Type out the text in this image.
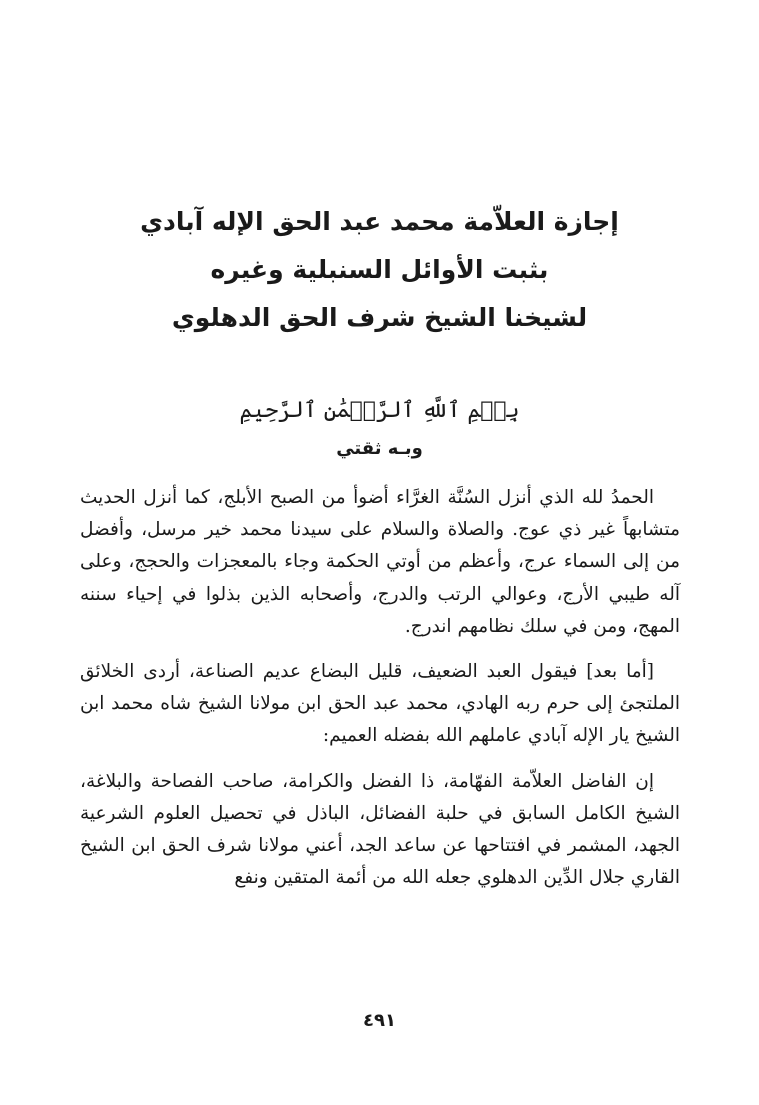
إجازة العلاّمة محمد عبد الحق الإله آبادي

بثبت الأوائل السنبلية وغيره

لشيخنا الشيخ شرف الحق الدهلوي

بِسۡمِ ٱللَّهِ ٱلرَّحۡمَٰنِ ٱلرَّحِيمِ
وبـه ثقتي

الحمدُ لله الذي أنزل السُنَّة الغرَّاء أضوأ من الصبح الأبلج، كما أنزل الحديث متشابهاً غير ذي عوج. والصلاة والسلام على سيدنا محمد خير مرسل، وأفضل من إلى السماء عرج، وأعظم من أوتي الحكمة وجاء بالمعجزات والحجج، وعلى آله طيبي الأرج، وعوالي الرتب والدرج، وأصحابه الذين بذلوا في إحياء سننه المهج، ومن في سلك نظامهم اندرج.

[أما بعد] فيقول العبد الضعيف، قليل البضاع عديم الصناعة، أردى الخلائق الملتجئ إلى حرم ربه الهادي، محمد عبد الحق ابن مولانا الشيخ شاه محمد ابن الشيخ يار الإله آبادي عاملهم الله بفضله العميم:

إن الفاضل العلاّمة الفهّامة، ذا الفضل والكرامة، صاحب الفصاحة والبلاغة، الشيخ الكامل السابق في حلبة الفضائل، الباذل في تحصيل العلوم الشرعية الجهد، المشمر في افتتاحها عن ساعد الجد، أعني مولانا شرف الحق ابن الشيخ القاري جلال الدِّين الدهلوي جعله الله من أئمة المتقين ونفع

٤٩١
